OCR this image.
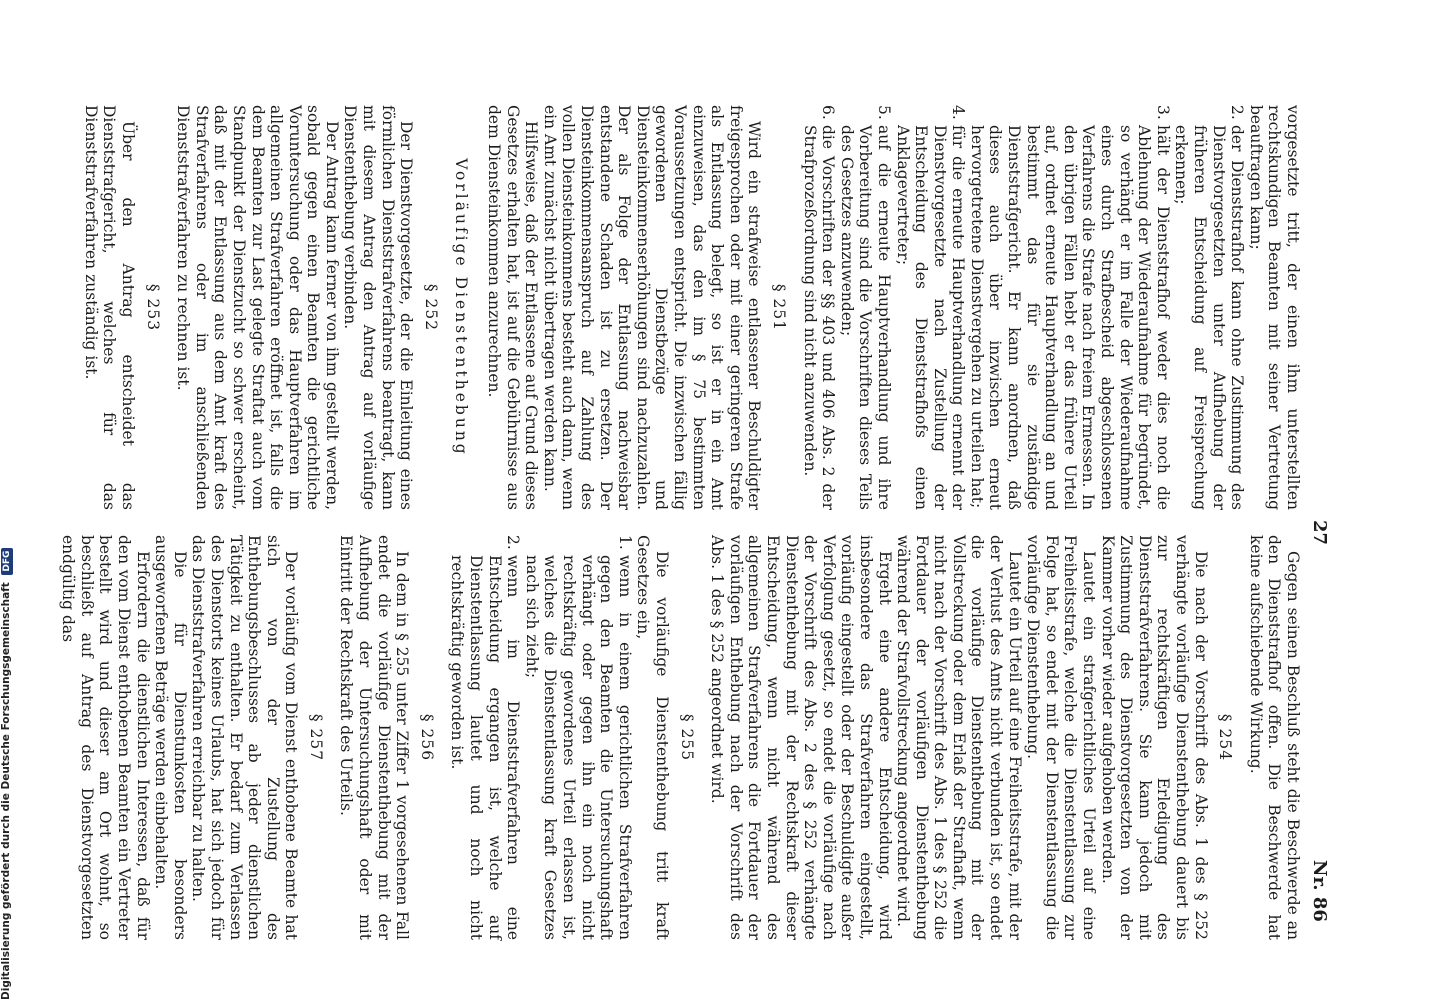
27
Nr. 86

vorgesetzte tritt, der einen ihm unterstellten rechtskundigen Beamten mit seiner Vertretung beauftragen kann;

2.
der Dienststrafhof kann ohne Zustimmung des Dienstvorgesetzten unter Aufhebung der früheren Entscheidung auf Freisprechung erkennen;
3.
hält der Dienststrafhof weder dies noch die Ablehnung der Wiederaufnahme für begründet, so verhängt er im Falle der Wiederaufnahme eines durch Strafbescheid abgeschlossenen Verfahrens die Strafe nach freiem Ermessen. In den übrigen Fällen hebt er das frühere Urteil auf, ordnet erneute Hauptverhandlung an und bestimmt das für sie zuständige Dienststrafgericht. Er kann anordnen, daß dieses auch über inzwischen erneut hervorgetretene Dienstvergehen zu urteilen hat;
4.
für die erneute Hauptverhandlung ernennt der Dienstvorgesetzte nach Zustellung der Entscheidung des Dienststrafhofs einen Anklagevertreter;
5.
auf die erneute Hauptverhandlung und ihre Vorbereitung sind die Vorschriften dieses Teils des Gesetzes anzuwenden;
6.
die Vorschriften der §§ 403 und 406 Abs. 2 der Strafprozeßordnung sind nicht anzuwenden.
§ 251

Wird ein strafweise entlassener Beschuldigter freigesprochen oder mit einer geringeren Strafe als Entlassung belegt, so ist er in ein Amt einzuweisen, das den im § 75 bestimmten Voraussetzungen entspricht. Die inzwischen fällig gewordenen Dienstbezüge und Diensteinkommenserhöhungen sind nachzuzahlen. Der als Folge der Entlassung nachweisbar entstandene Schaden ist zu ersetzen. Der Diensteinkommensanspruch auf Zahlung des vollen Diensteinkommens besteht auch dann, wenn ein Amt zunächst nicht übertragen werden kann.

Hilfsweise, daß der Entlassene auf Grund dieses Gesetzes erhalten hat, ist auf die Gebührnisse aus dem Diensteinkommen anzurechnen.

Vorläufige Dienstenthebung
§ 252

Der Dienstvorgesetzte, der die Einleitung eines förmlichen Dienststrafverfahrens beantragt, kann mit diesem Antrag den Antrag auf vorläufige Dienstenthebung verbinden.

Der Antrag kann ferner von ihm gestellt werden, sobald gegen einen Beamten die gerichtliche Voruntersuchung oder das Hauptverfahren im allgemeinen Strafverfahren eröffnet ist, falls die dem Beamten zur Last gelegte Straftat auch vom Standpunkt der Dienstzucht so schwer erscheint, daß mit der Entlassung aus dem Amt kraft des Strafverfahrens oder im anschließenden Dienststrafverfahren zu rechnen ist.

§ 253

Über den Antrag entscheidet das Dienststrafgericht, welches für das Dienststrafverfahren zuständig ist.

Gegen seinen Beschluß steht die Beschwerde an den Dienststrafhof offen. Die Beschwerde hat keine aufschiebende Wirkung.

§ 254

Die nach der Vorschrift des Abs. 1 des § 252 verhängte vorläufige Dienstenthebung dauert bis zur rechtskräftigen Erledigung des Dienststrafverfahrens. Sie kann jedoch mit Zustimmung des Dienstvorgesetzten von der Kammer vorher wieder aufgehoben werden.

Lautet ein strafgerichtliches Urteil auf eine Freiheitsstrafe, welche die Dienstentlassung zur Folge hat, so endet mit der Dienstentlassung die vorläufige Dienstenthebung.

Lautet ein Urteil auf eine Freiheitsstrafe, mit der der Verlust des Amts nicht verbunden ist, so endet die vorläufige Dienstenthebung mit der Vollstreckung oder dem Erlaß der Strafhaft, wenn nicht nach der Vorschrift des Abs. 1 des § 252 die Fortdauer der vorläufigen Dienstenthebung während der Strafvollstreckung angeordnet wird.

Ergeht eine andere Entscheidung, wird insbesondere das Strafverfahren eingestellt, vorläufig eingestellt oder der Beschuldigte außer Verfolgung gesetzt, so endet die vorläufige nach der Vorschrift des Abs. 2 des § 252 verhängte Dienstenthebung mit der Rechtskraft dieser Entscheidung, wenn nicht während des allgemeinen Strafverfahrens die Fortdauer der vorläufigen Enthebung nach der Vorschrift des Abs. 1 des § 252 angeordnet wird.

§ 255

Die vorläufige Dienstenthebung tritt kraft Gesetzes ein,

1.
wenn in einem gerichtlichen Strafverfahren gegen den Beamten die Untersuchungshaft verhängt oder gegen ihn ein noch nicht rechtskräftig gewordenes Urteil erlassen ist, welches die Dienstentlassung kraft Gesetzes nach sich zieht;
2.
wenn im Dienststrafverfahren eine Entscheidung ergangen ist, welche auf Dienstentlassung lautet und noch nicht rechtskräftig geworden ist.
§ 256

In dem in § 255 unter Ziffer 1 vorgesehenen Fall endet die vorläufige Dienstenthebung mit der Aufhebung der Untersuchungshaft oder mit Eintritt der Rechtskraft des Urteils.

§ 257

Der vorläufig vom Dienst enthobene Beamte hat sich von der Zustellung des Enthebungsbeschlusses ab jeder dienstlichen Tätigkeit zu enthalten. Er bedarf zum Verlassen des Dienstorts keines Urlaubs, hat sich jedoch für das Dienststrafverfahren erreichbar zu halten.

Die für Dienstunkosten besonders ausgeworfenen Beträge werden einbehalten.

Erfordern die dienstlichen Interessen, daß für den vom Dienst enthobenen Beamten ein Vertreter bestellt wird und dieser am Ort wohnt, so beschließt auf Antrag des Dienstvorgesetzten endgültig das

Digitalisierung gefördert durch die Deutsche Forschungsgemeinschaft DFG
